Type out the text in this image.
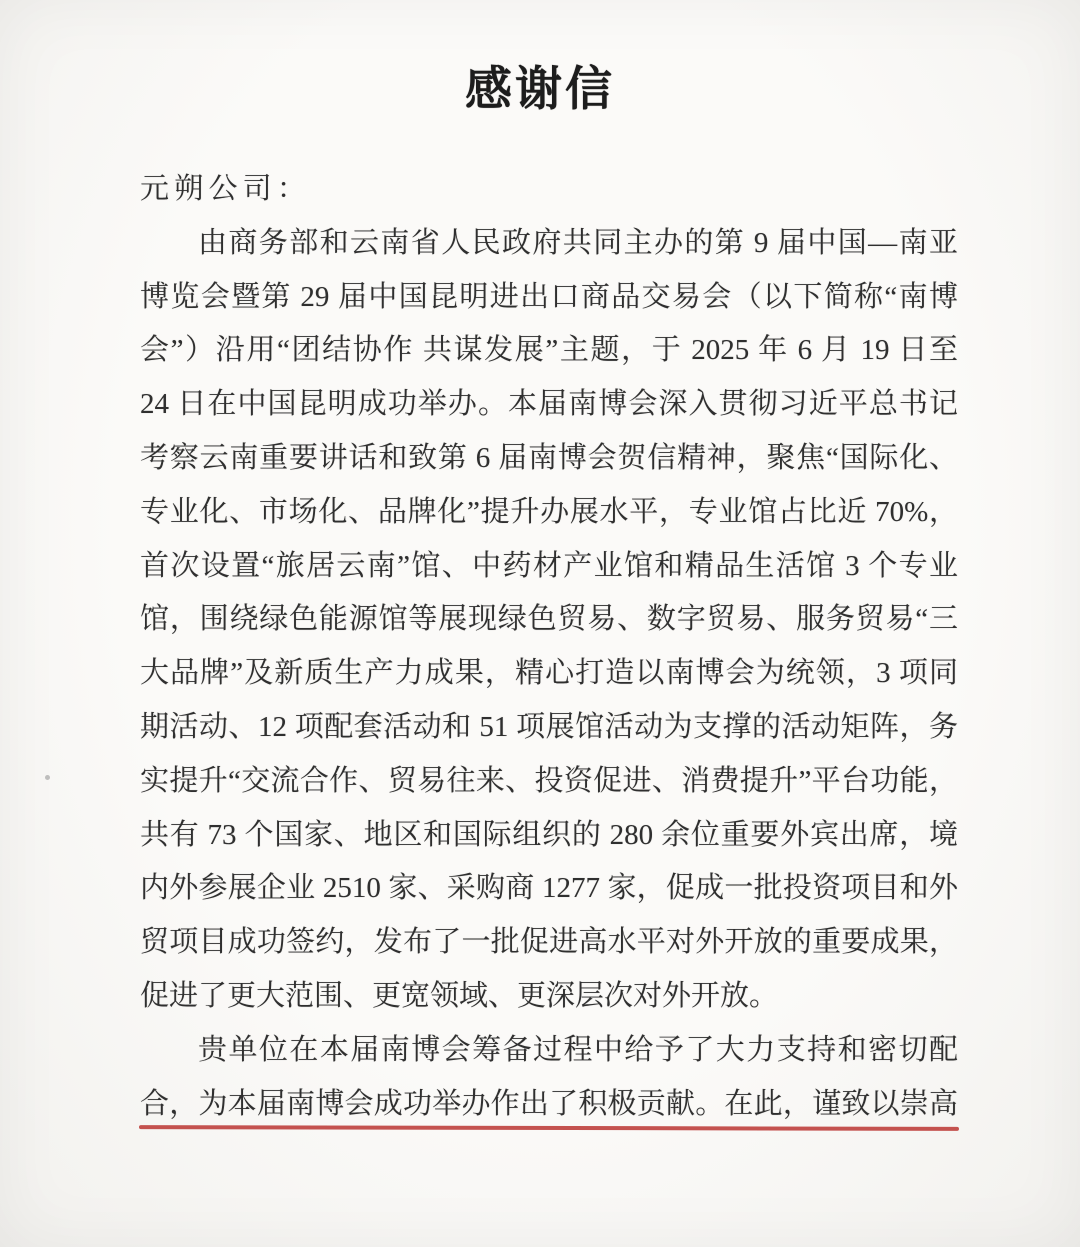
感谢信
元朔公司：
由商务部和云南省人民政府共同主办的第 9 届中国—南亚
博览会暨第 29 届中国昆明进出口商品交易会（以下简称“南博
会”）沿用“团结协作 共谋发展”主题，于 2025 年 6 月 19 日至
24 日在中国昆明成功举办。本届南博会深入贯彻习近平总书记
考察云南重要讲话和致第 6 届南博会贺信精神，聚焦“国际化、
专业化、市场化、品牌化”提升办展水平，专业馆占比近 70%，
首次设置“旅居云南”馆、中药材产业馆和精品生活馆 3 个专业
馆，围绕绿色能源馆等展现绿色贸易、数字贸易、服务贸易“三
大品牌”及新质生产力成果，精心打造以南博会为统领，3 项同
期活动、12 项配套活动和 51 项展馆活动为支撑的活动矩阵，务
实提升“交流合作、贸易往来、投资促进、消费提升”平台功能，
共有 73 个国家、地区和国际组织的 280 余位重要外宾出席，境
内外参展企业 2510 家、采购商 1277 家，促成一批投资项目和外
贸项目成功签约，发布了一批促进高水平对外开放的重要成果，
促进了更大范围、更宽领域、更深层次对外开放。
贵单位在本届南博会筹备过程中给予了大力支持和密切配
合，为本届南博会成功举办作出了积极贡献。在此，谨致以崇高
